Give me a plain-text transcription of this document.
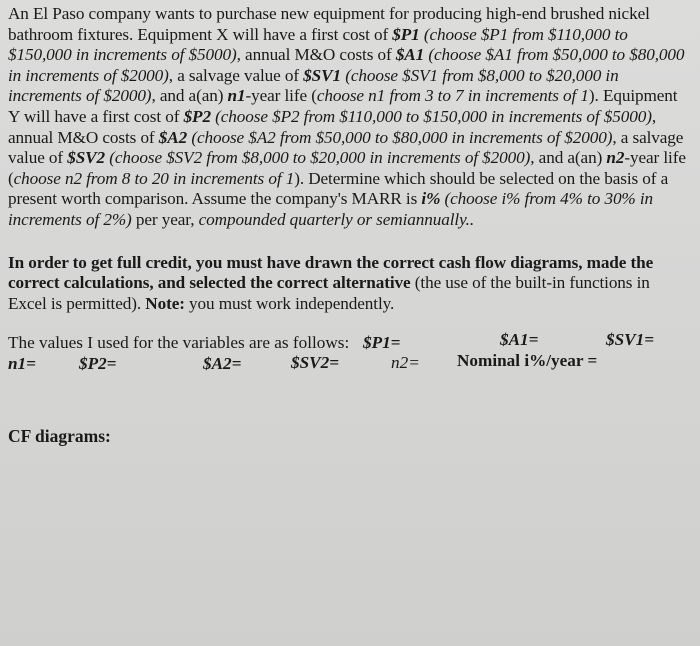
An El Paso company wants to purchase new equipment for producing high-end brushed nickel bathroom fixtures. Equipment X will have a first cost of $P1 (choose $P1 from $110,000 to $150,000 in increments of $5000), annual M&O costs of $A1 (choose $A1 from $50,000 to $80,000 in increments of $2000), a salvage value of $SV1 (choose $SV1 from $8,000 to $20,000 in increments of $2000), and a(an) n1-year life (choose n1 from 3 to 7 in increments of 1). Equipment Y will have a first cost of $P2 (choose $P2 from $110,000 to $150,000 in increments of $5000), annual M&O costs of $A2 (choose $A2 from $50,000 to $80,000 in increments of $2000), a salvage value of $SV2 (choose $SV2 from $8,000 to $20,000 in increments of $2000), and a(an) n2-year life (choose n2 from 8 to 20 in increments of 1). Determine which should be selected on the basis of a present worth comparison. Assume the company's MARR is i% (choose i% from 4% to 30% in increments of 2%) per year, compounded quarterly or semiannually..

In order to get full credit, you must have drawn the correct cash flow diagrams, made the correct calculations, and selected the correct alternative (the use of the built-in functions in Excel is permitted). Note: you must work independently.

The values I used for the variables are as follows: $P1=	$A1=	$SV1=
n1=	$P2=	$A2=	$SV2=	n2= Nominal i%/year =
CF diagrams:
